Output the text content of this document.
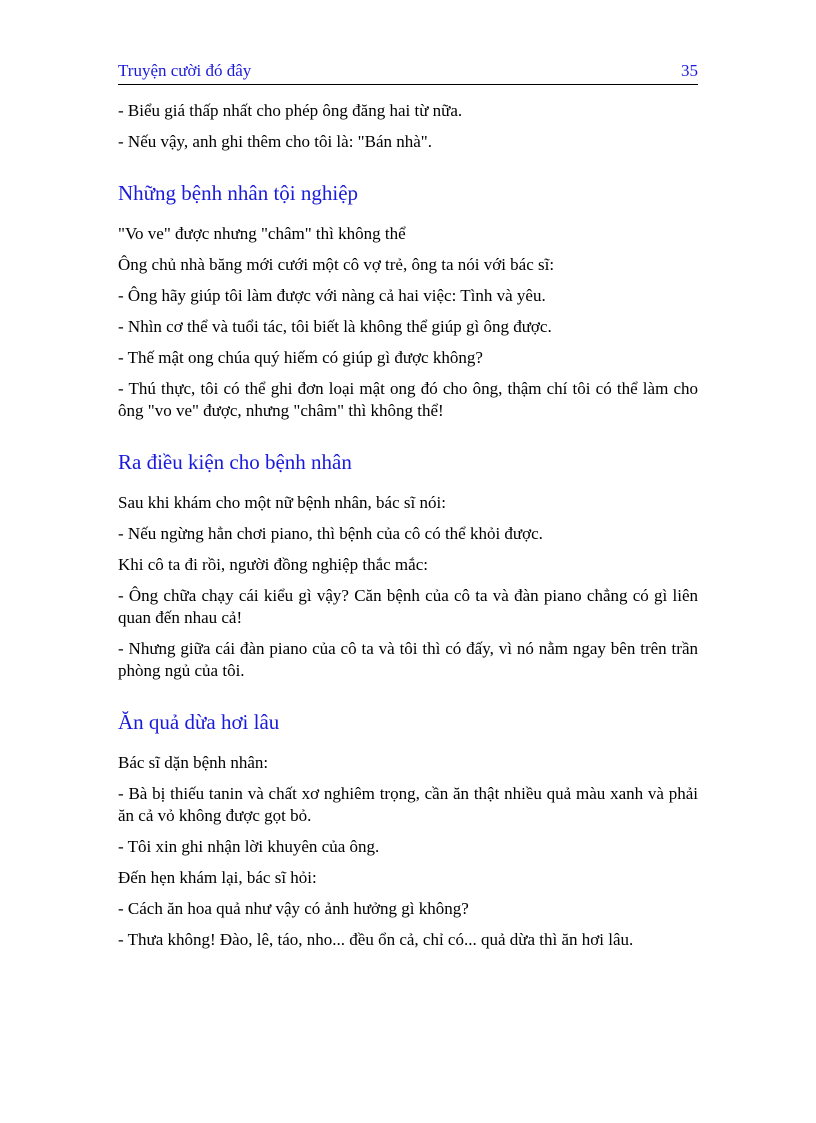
Truyện cười đó đây	35

- Biểu giá thấp nhất cho phép ông đăng hai từ nữa.

- Nếu vậy, anh ghi thêm cho tôi là: "Bán nhà".

Những bệnh nhân tội nghiệp

"Vo ve" được nhưng "châm" thì không thể

Ông chủ nhà băng mới cưới một cô vợ trẻ, ông ta nói với bác sĩ:

- Ông hãy giúp tôi làm được với nàng cả hai việc: Tình và yêu.

- Nhìn cơ thể và tuổi tác, tôi biết là không thể giúp gì ông được.

- Thế mật ong chúa quý hiếm có giúp gì được không?

- Thú thực, tôi có thể ghi đơn loại mật ong đó cho ông, thậm chí tôi có thể làm cho ông "vo ve" được, nhưng "châm" thì không thể!

Ra điều kiện cho bệnh nhân

Sau khi khám cho một nữ bệnh nhân, bác sĩ nói:

- Nếu ngừng hẳn chơi piano, thì bệnh của cô có thể khỏi được.

Khi cô ta đi rồi, người đồng nghiệp thắc mắc:

- Ông chữa chạy cái kiểu gì vậy? Căn bệnh của cô ta và đàn piano chẳng có gì liên quan đến nhau cả!

- Nhưng giữa cái đàn piano của cô ta và tôi thì có đấy, vì nó nằm ngay bên trên trần phòng ngủ của tôi.

Ăn quả dừa hơi lâu

Bác sĩ dặn bệnh nhân:

- Bà bị thiếu tanin và chất xơ nghiêm trọng, cần ăn thật nhiều quả màu xanh và phải ăn cả vỏ không được gọt bỏ.

- Tôi xin ghi nhận lời khuyên của ông.

Đến hẹn khám lại, bác sĩ hỏi:

- Cách ăn hoa quả như vậy có ảnh hưởng gì không?

- Thưa không! Đào, lê, táo, nho... đều ổn cả, chỉ có... quả dừa thì ăn hơi lâu.
